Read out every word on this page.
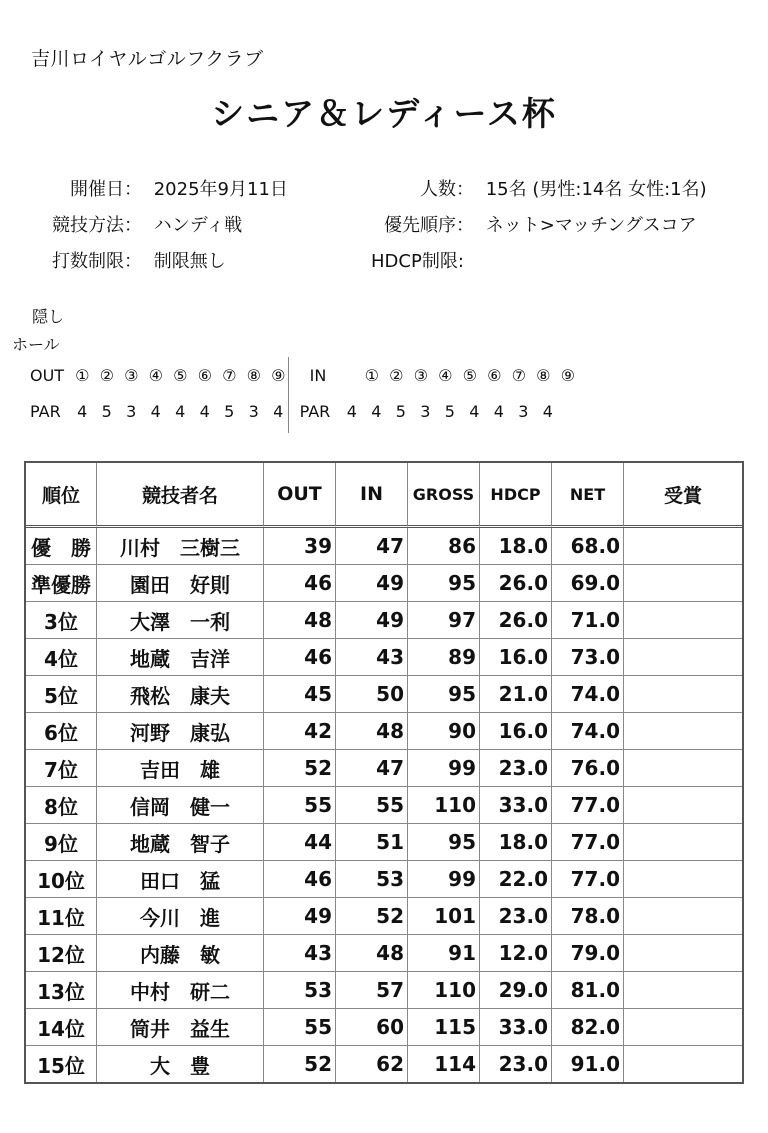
吉川ロイヤルゴルフクラブ
シニア＆レディース杯
開催日： 2025年9月11日	人数： 15名 (男性:14名 女性:1名)
競技方法： ハンディ戦	優先順序： ネット>マッチングスコア
打数制限： 制限無し	HDCP制限:
隠し
ホール
OUT ① ② ③ ④ ⑤ ⑥ ⑦ ⑧ ⑨ IN ① ② ③ ④ ⑤ ⑥ ⑦ ⑧ ⑨
PAR 4 5 3 4 4 4 5 3 4 PAR 4 4 5 3 5 4 4 3 4
順位	競技者名	OUT	IN	GROSS	HDCP	NET	受賞
優　勝	川村　三樹三	39	47	86	18.0	68.0	
準優勝	園田　好則	46	49	95	26.0	69.0	
3位	大澤　一利	48	49	97	26.0	71.0	
4位	地蔵　吉洋	46	43	89	16.0	73.0	
5位	飛松　康夫	45	50	95	21.0	74.0	
6位	河野　康弘	42	48	90	16.0	74.0	
7位	吉田　雄	52	47	99	23.0	76.0	
8位	信岡　健一	55	55	110	33.0	77.0	
9位	地蔵　智子	44	51	95	18.0	77.0	
10位	田口　猛	46	53	99	22.0	77.0	
11位	今川　進	49	52	101	23.0	78.0	
12位	内藤　敏	43	48	91	12.0	79.0	
13位	中村　研二	53	57	110	29.0	81.0	
14位	筒井　益生	55	60	115	33.0	82.0	
15位	大　豊	52	62	114	23.0	91.0	
